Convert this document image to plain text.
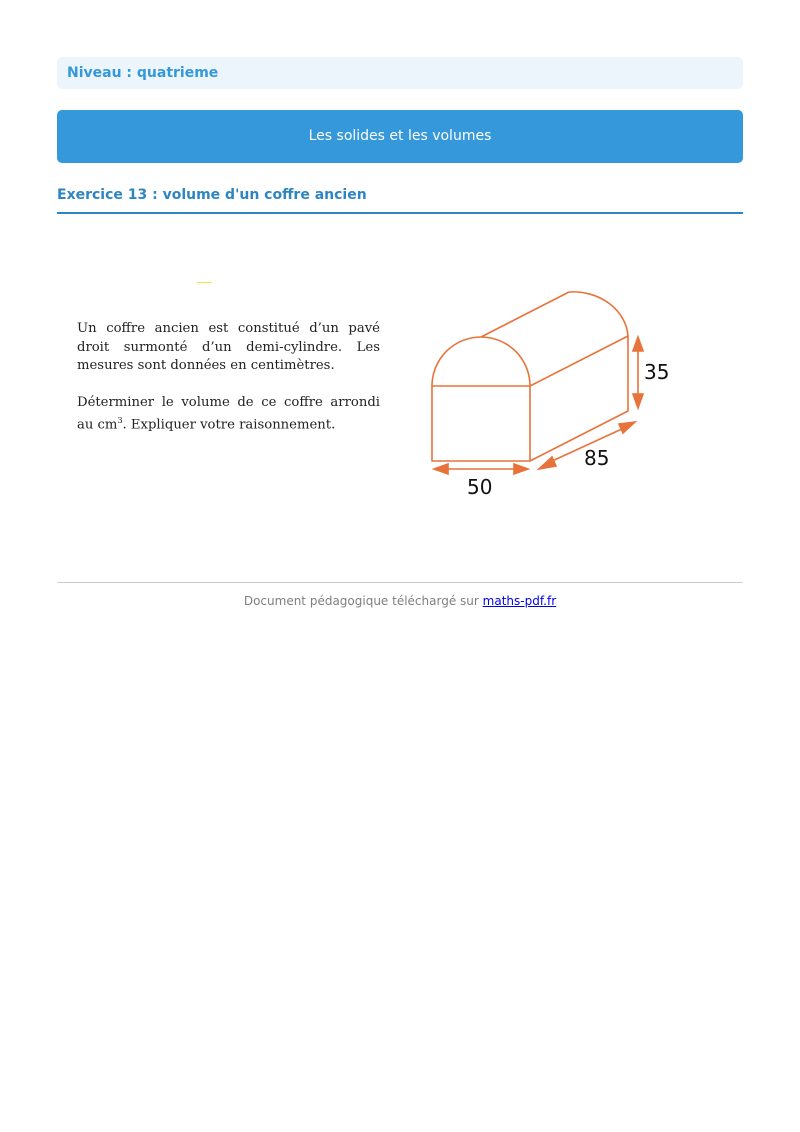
Niveau : quatrieme
Les solides et les volumes
Exercice 13 : volume d'un coffre ancien

Un coffre ancien est constitué d’un pavé droit surmonté d’un demi-cylindre. Les mesures sont données en centimètres.

Déterminer le volume de ce coffre arrondi au $cm^3$. Expliquer votre raisonnement.

35
85
50
Document pédagogique téléchargé sur maths-pdf.fr
